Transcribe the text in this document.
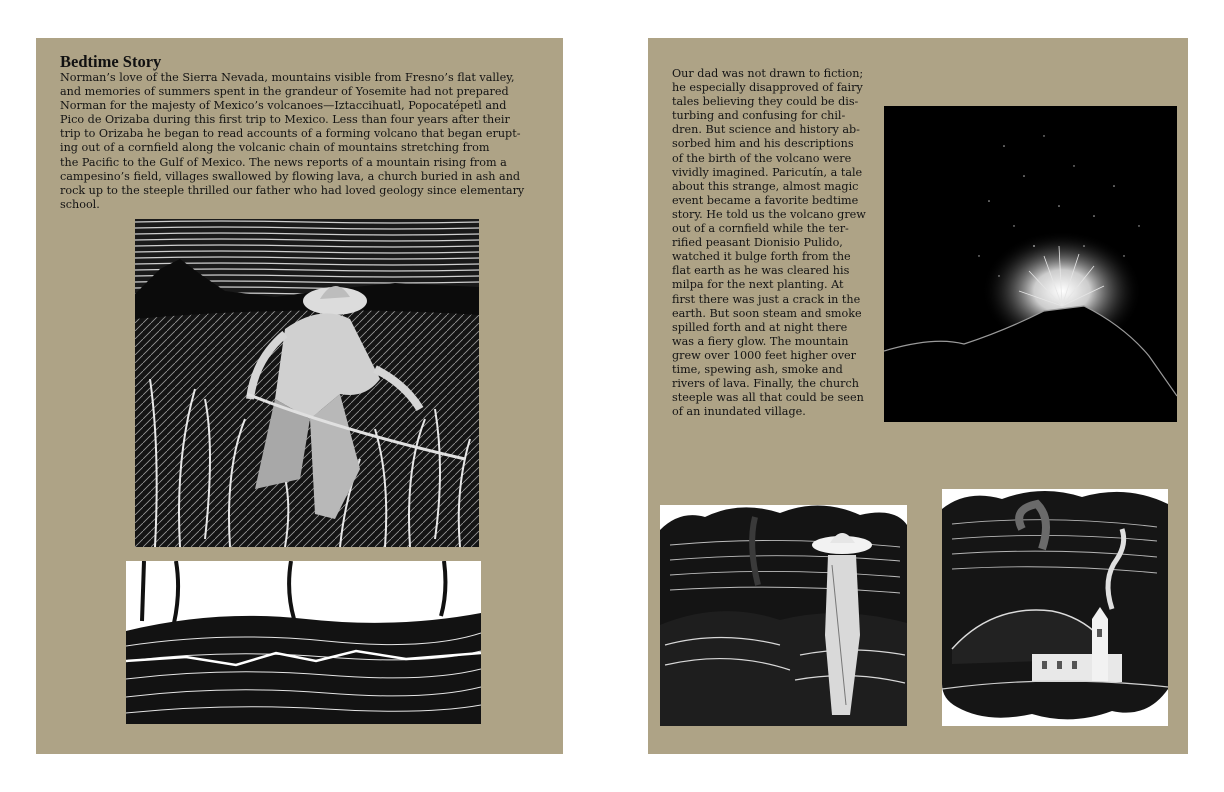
Bedtime Story
Norman’s love of the Sierra Nevada, mountains visible from Fresno’s flat valley,
and memories of summers spent in the grandeur of Yosemite had not prepared
Norman for the majesty of Mexico’s volcanoes—Iztaccihuatl, Popocatépetl and
Pico de Orizaba during this first trip to Mexico. Less than four years after their
trip to Orizaba he began to read accounts of a forming volcano that began erupt-
ing out of a cornfield along the volcanic chain of mountains stretching from
the Pacific to the Gulf of Mexico. The news reports of a mountain rising from a
campesino’s field, villages swallowed by flowing lava, a church buried in ash and
rock up to the steeple thrilled our father who had loved geology since elementary
school.
Our dad was not drawn to fiction;
he especially disapproved of fairy
tales believing they could be dis-
turbing and confusing for chil-
dren. But science and history ab-
sorbed him and his descriptions
of the birth of the volcano were
vividly imagined. Paricutín, a tale
about this strange, almost magic
event became a favorite bedtime
story. He told us the volcano grew
out of a cornfield while the ter-
rified peasant Dionisio Pulido,
watched it bulge forth from the
flat earth as he was cleared his
milpa for the next planting. At
first there was just a crack in the
earth. But soon steam and smoke
spilled forth and at night there
was a fiery glow. The mountain
grew over 1000 feet higher over
time, spewing ash, smoke and
rivers of lava. Finally, the church
steeple was all that could be seen
of an inundated village.
